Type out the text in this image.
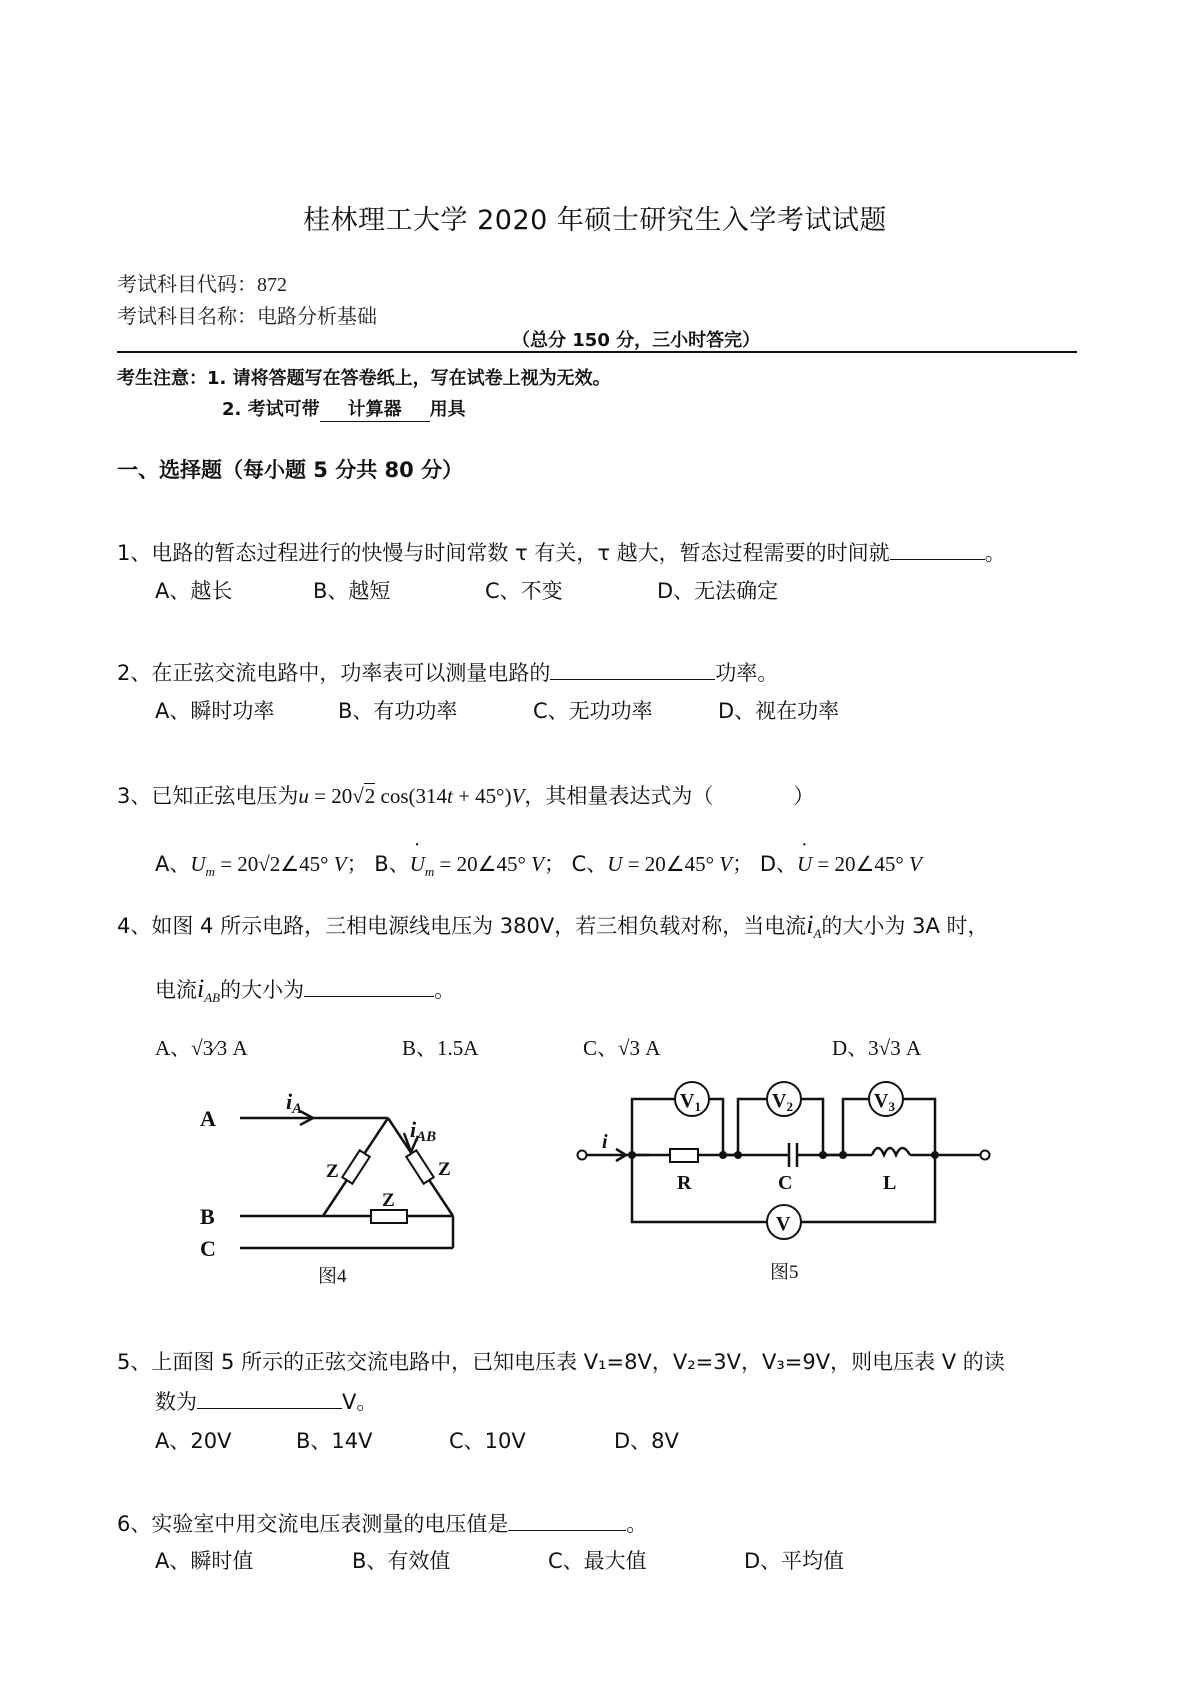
桂林理工大学 2020 年硕士研究生入学考试试题
考试科目代码：872
考试科目名称：电路分析基础
（总分 150 分，三小时答完）
考生注意：1. 请将答题写在答卷纸上，写在试卷上视为无效。
2. 考试可带 计算器 用具
一、选择题（每小题 5 分共 80 分）
1、电路的暂态过程进行的快慢与时间常数 τ 有关，τ 越大，暂态过程需要的时间就	。
A、越长	B、越短	C、不变	D、无法确定
2、在正弦交流电路中，功率表可以测量电路的	功率。
A、瞬时功率	B、有功功率	C、无功功率	D、视在功率
3、已知正弦电压为u = 20√2 cos(314t + 45°)V，其相量表达式为（	）
A、$U_m$ = 20√2∠45° V； B、· $U_m$ = 20∠45° V； C、U = 20∠45° V； D、· U = 20∠45° V
4、如图 4 所示电路，三相电源线电压为 380V，若三相负载对称，当电流$i_A$的大小为 3A 时，
电流$i_{AB}$的大小为	。
A、√3⁄3 A	B、1.5A	C、√3 A	D、3√3 A
A
B
C
Z	Z
Z
iA
iAB
图4
$V_1$	$V_2$	$V_3$
V
R	C	L
i
图5
5、上面图 5 所示的正弦交流电路中，已知电压表 V₁=8V，V₂=3V，V₃=9V，则电压表 V 的读
数为	V。
A、20V	B、14V	C、10V	D、8V
6、实验室中用交流电压表测量的电压值是	。
A、瞬时值	B、有效值	C、最大值	D、平均值
